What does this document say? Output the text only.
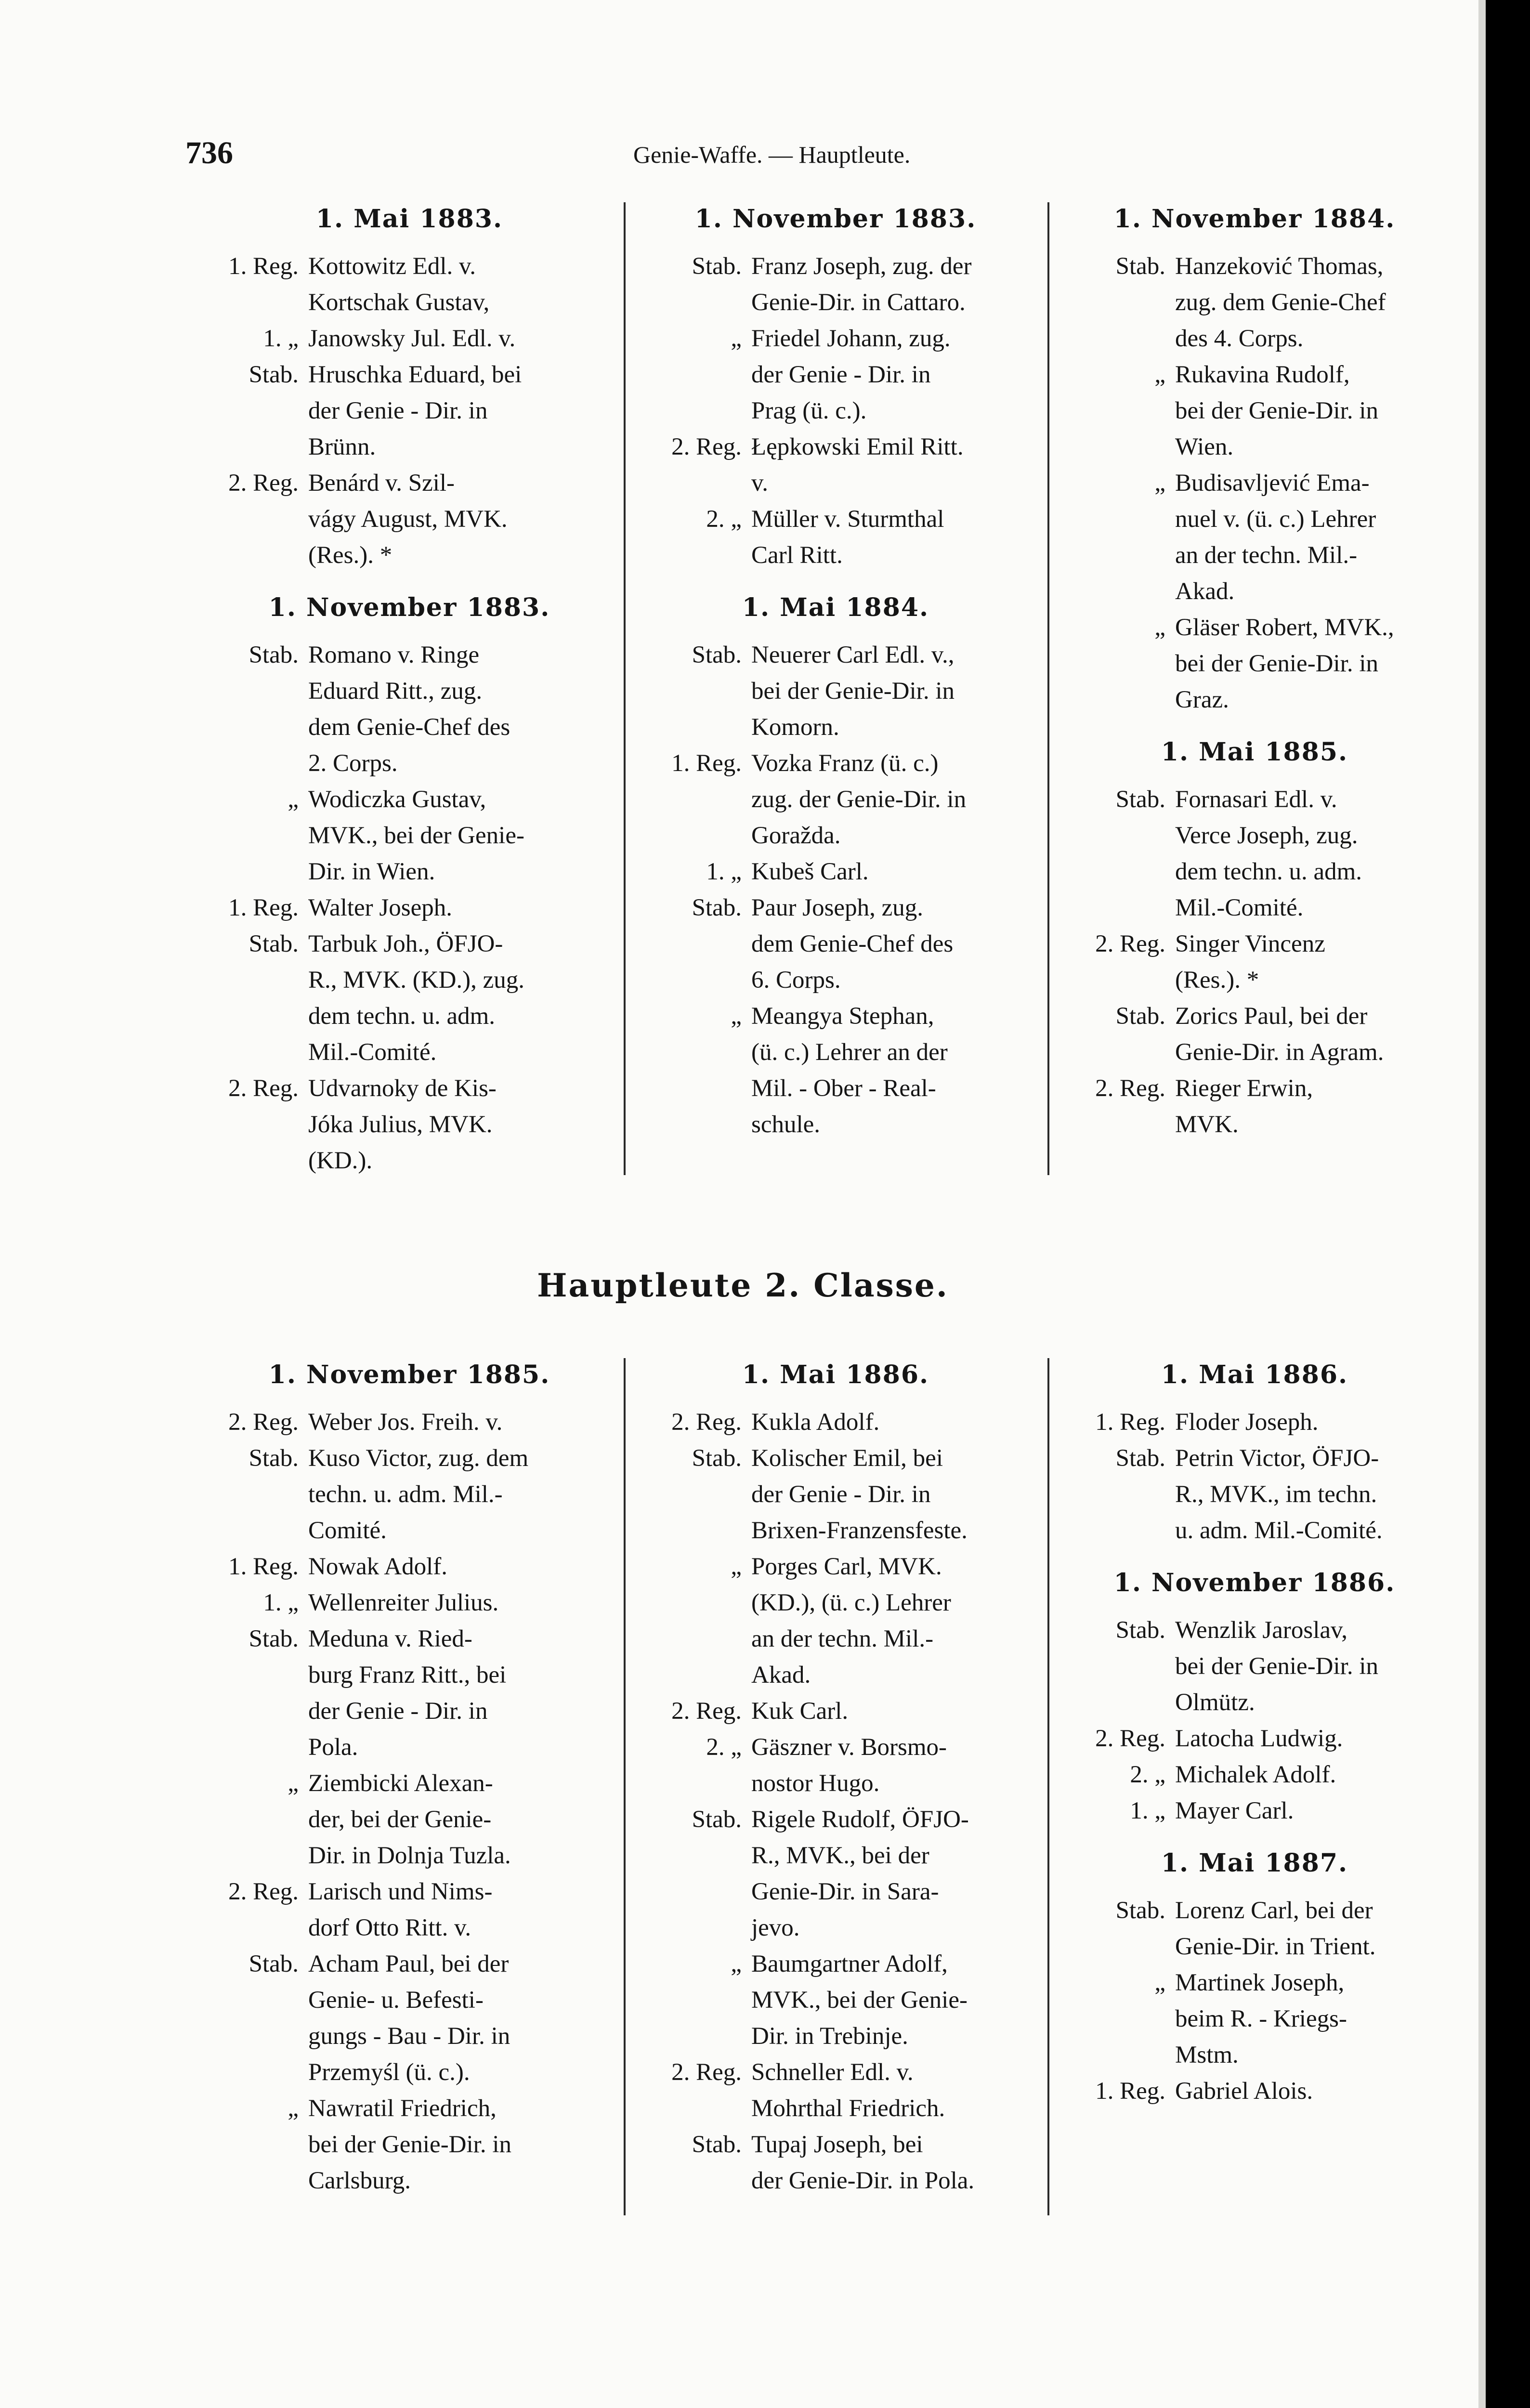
736	Genie-Waffe. — Hauptleute.
1. Mai 1883.
1. Reg. Kottowitz Edl. v.
Kortschak Gustav,
1. „ Janowsky Jul. Edl. v.
Stab. Hruschka Eduard, bei
der Genie - Dir. in
Brünn.
2. Reg. Benárd v. Szil-
vágy August, MVK.
(Res.). *
1. November 1883.
Stab. Romano v. Ringe
Eduard Ritt., zug.
dem Genie-Chef des
2. Corps.
„ Wodiczka Gustav,
MVK., bei der Genie-
Dir. in Wien.
1. Reg. Walter Joseph.
Stab. Tarbuk Joh., ÖFJO-
R., MVK. (KD.), zug.
dem techn. u. adm.
Mil.-Comité.
2. Reg. Udvarnoky de Kis-
Jóka Julius, MVK.
(KD.).
1. November 1883.
Stab. Franz Joseph, zug. der
Genie-Dir. in Cattaro.
„ Friedel Johann, zug.
der Genie - Dir. in
Prag (ü. c.).
2. Reg. Łępkowski Emil Ritt.
v.
2. „ Müller v. Sturmthal
Carl Ritt.
1. Mai 1884.
Stab. Neuerer Carl Edl. v.,
bei der Genie-Dir. in
Komorn.
1. Reg. Vozka Franz (ü. c.)
zug. der Genie-Dir. in
Goražda.
1. „ Kubeš Carl.
Stab. Paur Joseph, zug.
dem Genie-Chef des
6. Corps.
„ Meangya Stephan,
(ü. c.) Lehrer an der
Mil. - Ober - Real-
schule.
1. November 1884.
Stab. Hanzeković Thomas,
zug. dem Genie-Chef
des 4. Corps.
„ Rukavina Rudolf,
bei der Genie-Dir. in
Wien.
„ Budisavljević Ema-
nuel v. (ü. c.) Lehrer
an der techn. Mil.-
Akad.
„ Gläser Robert, MVK.,
bei der Genie-Dir. in
Graz.
1. Mai 1885.
Stab. Fornasari Edl. v.
Verce Joseph, zug.
dem techn. u. adm.
Mil.-Comité.
2. Reg. Singer Vincenz
(Res.). *
Stab. Zorics Paul, bei der
Genie-Dir. in Agram.
2. Reg. Rieger Erwin,
MVK.
Hauptleute 2. Classe.
1. November 1885.
2. Reg. Weber Jos. Freih. v.
Stab. Kuso Victor, zug. dem
techn. u. adm. Mil.-
Comité.
1. Reg. Nowak Adolf.
1. „ Wellenreiter Julius.
Stab. Meduna v. Ried-
burg Franz Ritt., bei
der Genie - Dir. in
Pola.
„ Ziembicki Alexan-
der, bei der Genie-
Dir. in Dolnja Tuzla.
2. Reg. Larisch und Nims-
dorf Otto Ritt. v.
Stab. Acham Paul, bei der
Genie- u. Befesti-
gungs - Bau - Dir. in
Przemyśl (ü. c.).
„ Nawratil Friedrich,
bei der Genie-Dir. in
Carlsburg.
1. Mai 1886.
2. Reg. Kukla Adolf.
Stab. Kolischer Emil, bei
der Genie - Dir. in
Brixen-Franzensfeste.
„ Porges Carl, MVK.
(KD.), (ü. c.) Lehrer
an der techn. Mil.-
Akad.
2. Reg. Kuk Carl.
2. „ Gäszner v. Borsmo-
nostor Hugo.
Stab. Rigele Rudolf, ÖFJO-
R., MVK., bei der
Genie-Dir. in Sara-
jevo.
„ Baumgartner Adolf,
MVK., bei der Genie-
Dir. in Trebinje.
2. Reg. Schneller Edl. v.
Mohrthal Friedrich.
Stab. Tupaj Joseph, bei
der Genie-Dir. in Pola.
1. Mai 1886.
1. Reg. Floder Joseph.
Stab. Petrin Victor, ÖFJO-
R., MVK., im techn.
u. adm. Mil.-Comité.
1. November 1886.
Stab. Wenzlik Jaroslav,
bei der Genie-Dir. in
Olmütz.
2. Reg. Latocha Ludwig.
2. „ Michalek Adolf.
1. „ Mayer Carl.
1. Mai 1887.
Stab. Lorenz Carl, bei der
Genie-Dir. in Trient.
„ Martinek Joseph,
beim R. - Kriegs-
Mstm.
1. Reg. Gabriel Alois.
